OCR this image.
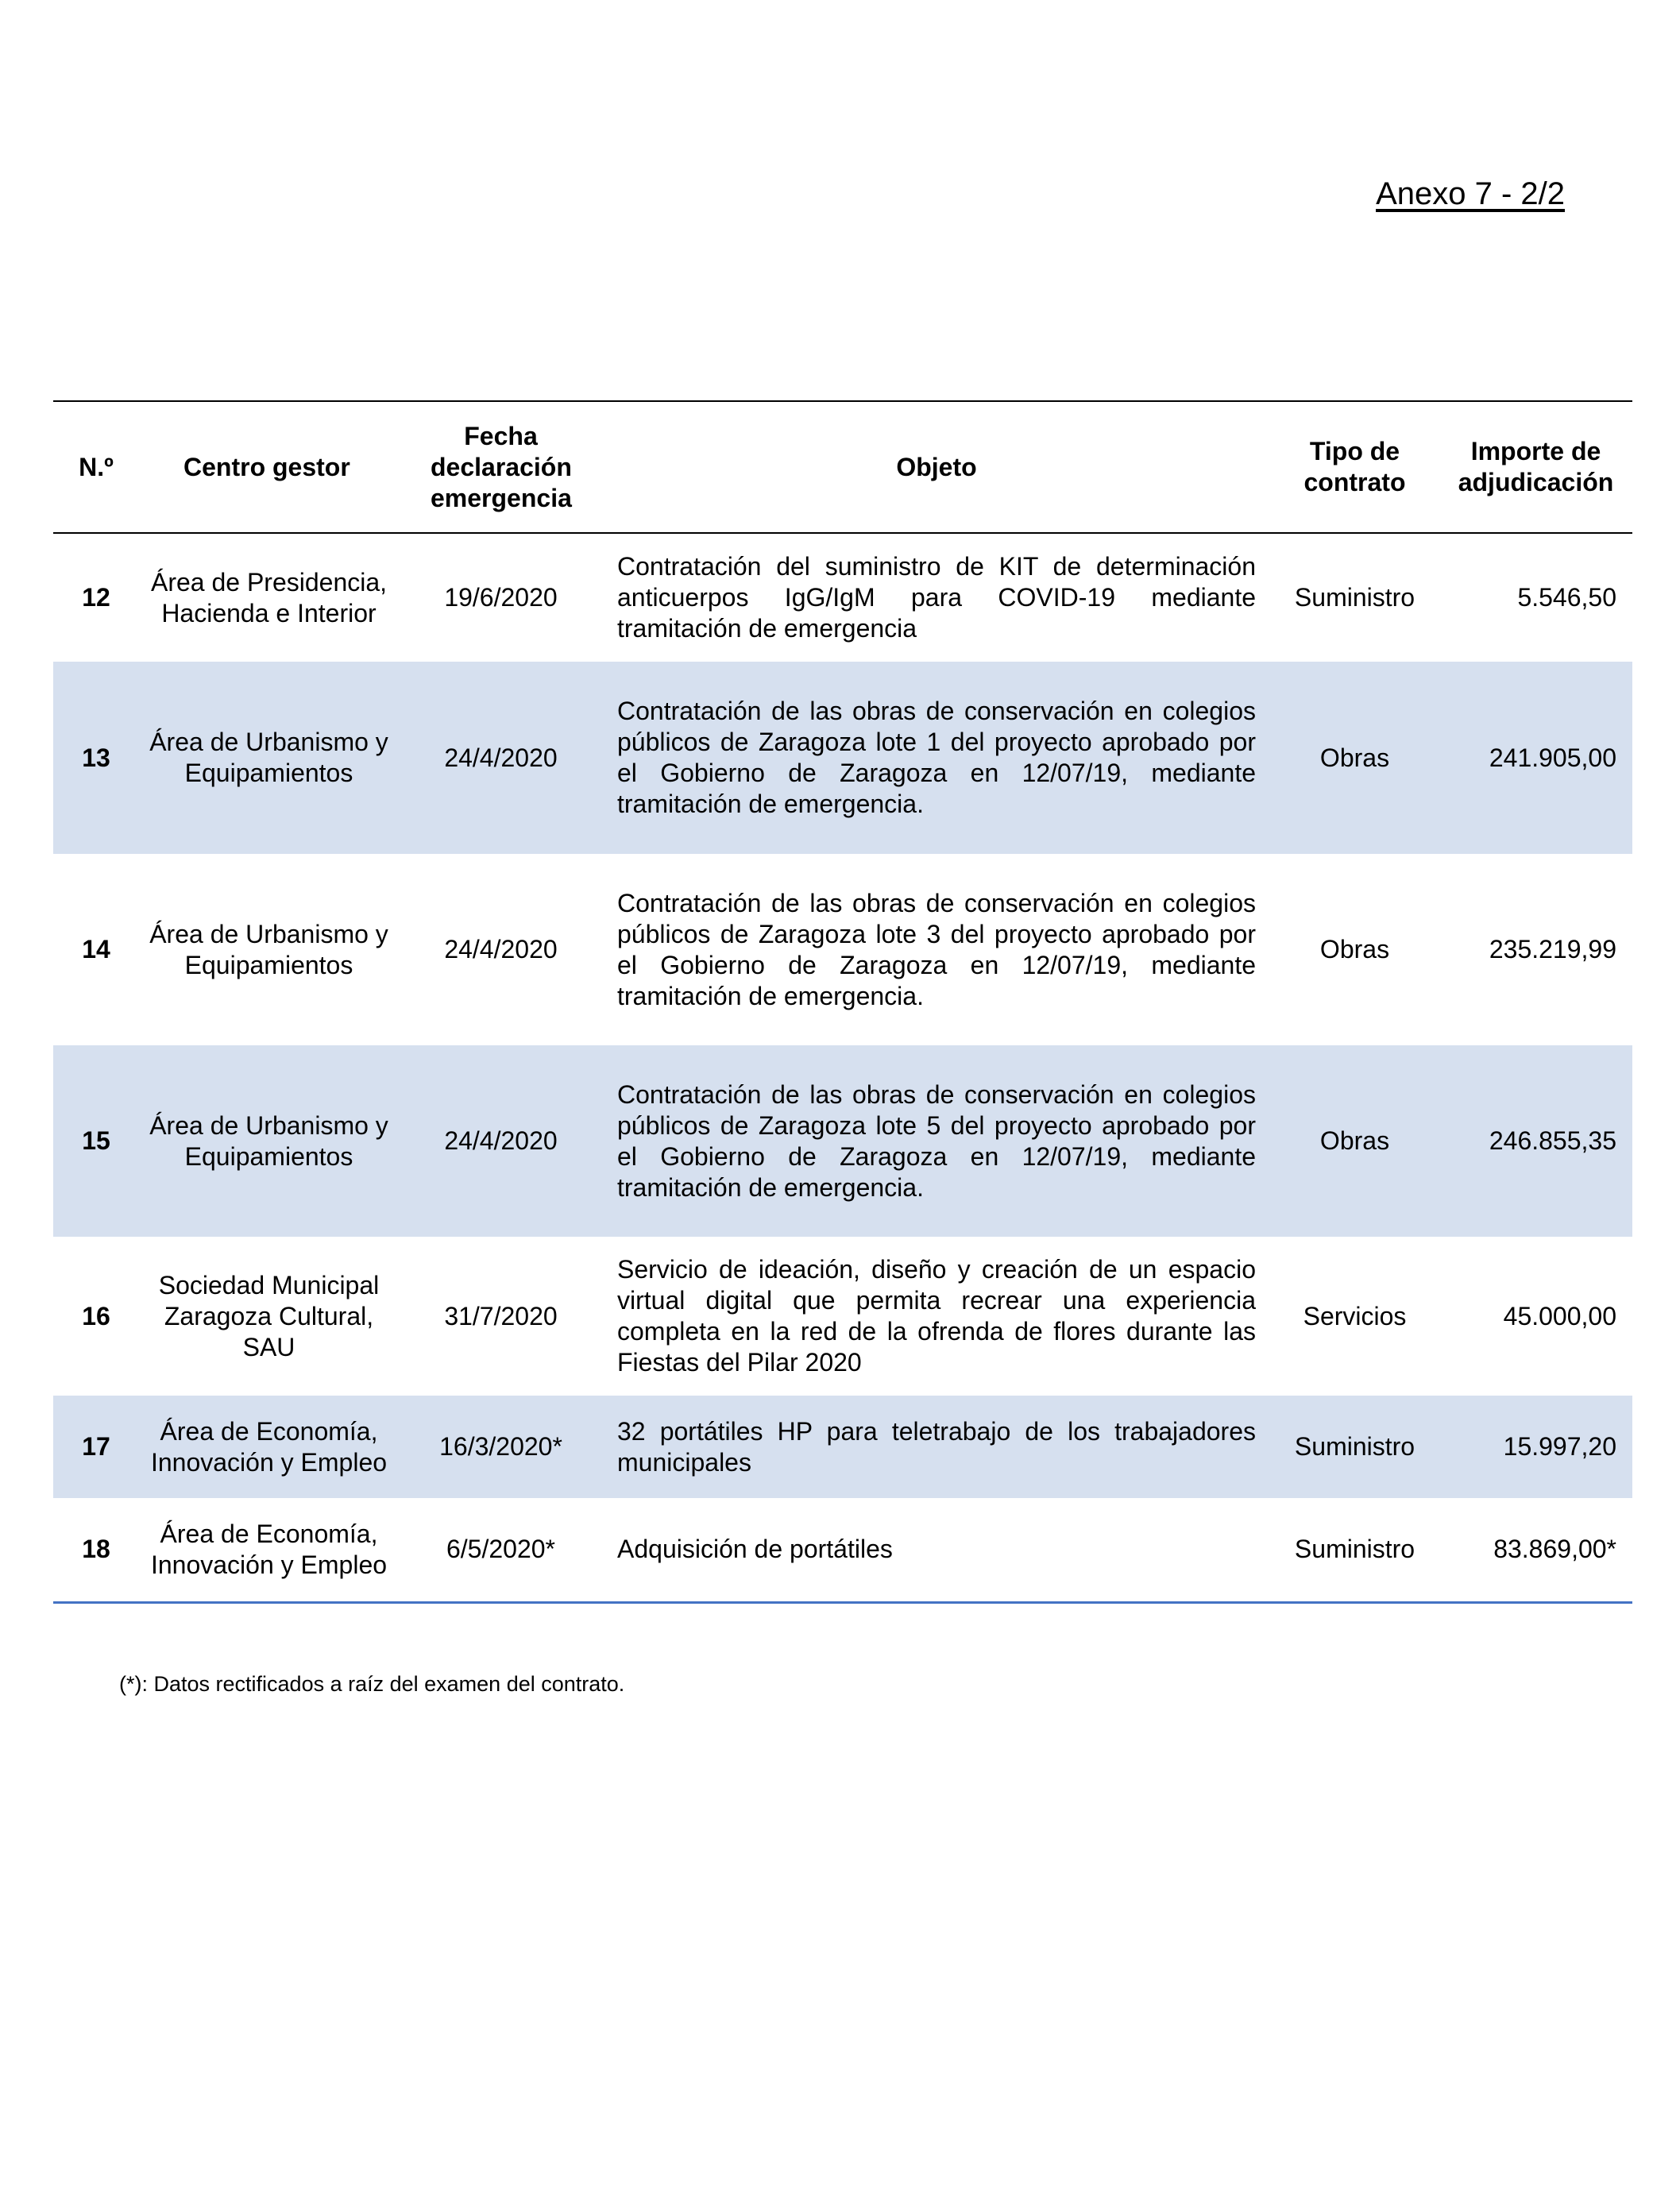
Anexo 7 - 2/2
N.º	Centro gestor	Fecha declaración emergencia	Objeto	Tipo de contrato	Importe de adjudicación
12	Área de Presidencia, Hacienda e Interior	19/6/2020	Contratación del suministro de KIT de determinación anticuerpos IgG/IgM para COVID-19 mediante tramitación de emergencia	Suministro	5.546,50
13	Área de Urbanismo y Equipamientos	24/4/2020	Contratación de las obras de conservación en colegios públicos de Zaragoza lote 1 del proyecto aprobado por el Gobierno de Zaragoza en 12/07/19, mediante tramitación de emergencia.	Obras	241.905,00
14	Área de Urbanismo y Equipamientos	24/4/2020	Contratación de las obras de conservación en colegios públicos de Zaragoza lote 3 del proyecto aprobado por el Gobierno de Zaragoza en 12/07/19, mediante tramitación de emergencia.	Obras	235.219,99
15	Área de Urbanismo y Equipamientos	24/4/2020	Contratación de las obras de conservación en colegios públicos de Zaragoza lote 5 del proyecto aprobado por el Gobierno de Zaragoza en 12/07/19, mediante tramitación de emergencia.	Obras	246.855,35
16	Sociedad Municipal Zaragoza Cultural, SAU	31/7/2020	Servicio de ideación, diseño y creación de un espacio virtual digital que permita recrear una experiencia completa en la red de la ofrenda de flores durante las Fiestas del Pilar 2020	Servicios	45.000,00
17	Área de Economía, Innovación y Empleo	16/3/2020*	32 portátiles HP para teletrabajo de los trabajadores municipales	Suministro	15.997,20
18	Área de Economía, Innovación y Empleo	6/5/2020*	Adquisición de portátiles	Suministro	83.869,00*
(*): Datos rectificados a raíz del examen del contrato.
